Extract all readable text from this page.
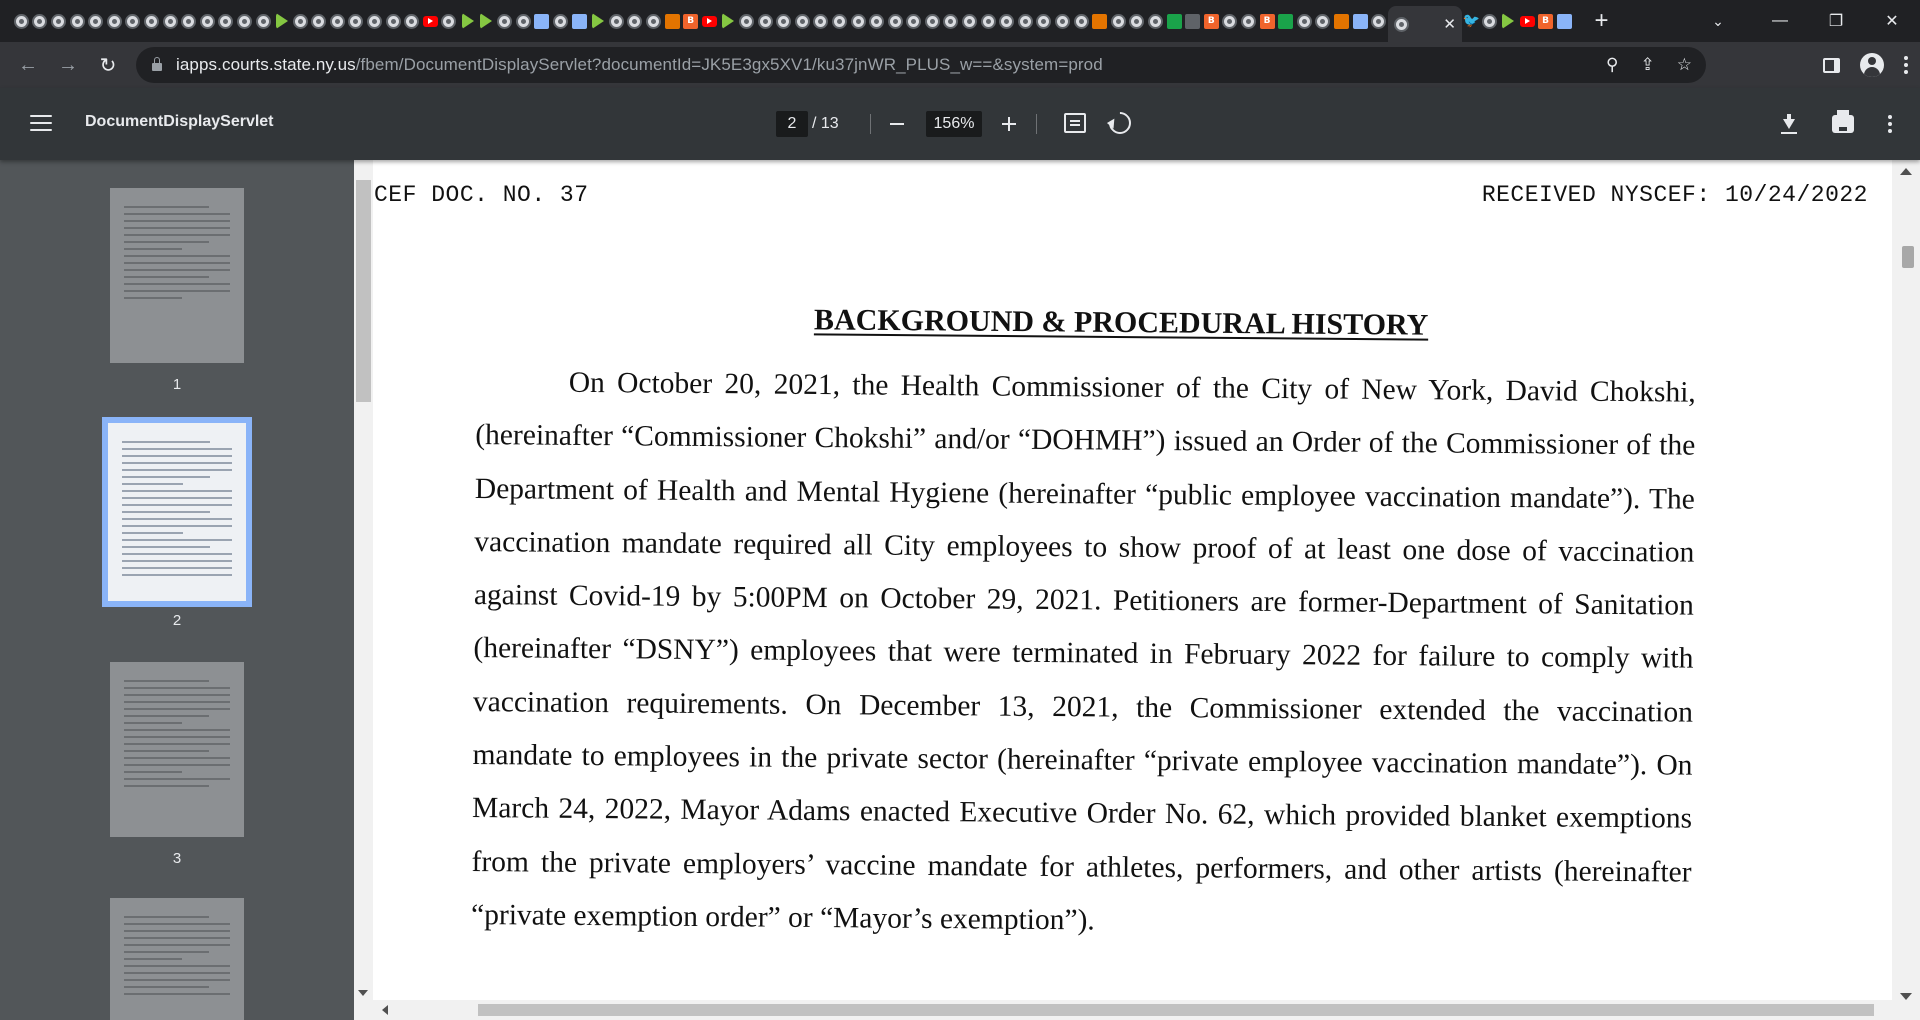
B	B	B	✕ 🐦	B +	⌄	—	❐	✕
←	→	↻	iapps.courts.state.ny.us/fbem/DocumentDisplayServlet?documentId=JK5E3gx5XV1/ku37jnWR_PLUS_w==&system=prod	⚲ ⇪ ☆
DocumentDisplayServlet	2 / 13	156%
1
2
3
CEF DOC. NO. 37	RECEIVED NYSCEF: 10/24/2022
BACKGROUND & PROCEDURAL HISTORY
On October 20, 2021, the Health Commissioner of the City of New York, David Chokshi, (hereinafter “Commissioner Chokshi” and/or “DOHMH”) issued an Order of the Commissioner of the Department of Health and Mental Hygiene (hereinafter “public employee vaccination mandate”). The vaccination mandate required all City employees to show proof of at least one dose of vaccination against Covid-19 by 5:00PM on October 29, 2021. Petitioners are former-Department of Sanitation (hereinafter “DSNY”) employees that were terminated in February 2022 for failure to comply with vaccination requirements. On December 13, 2021, the Commissioner extended the vaccination mandate to employees in the private sector (hereinafter “private employee vaccination mandate”). On March 24, 2022, Mayor Adams enacted Executive Order No. 62, which provided blanket exemptions from the private employers’ vaccine mandate for athletes, performers, and other artists (hereinafter “private exemption order” or “Mayor’s exemption”).
